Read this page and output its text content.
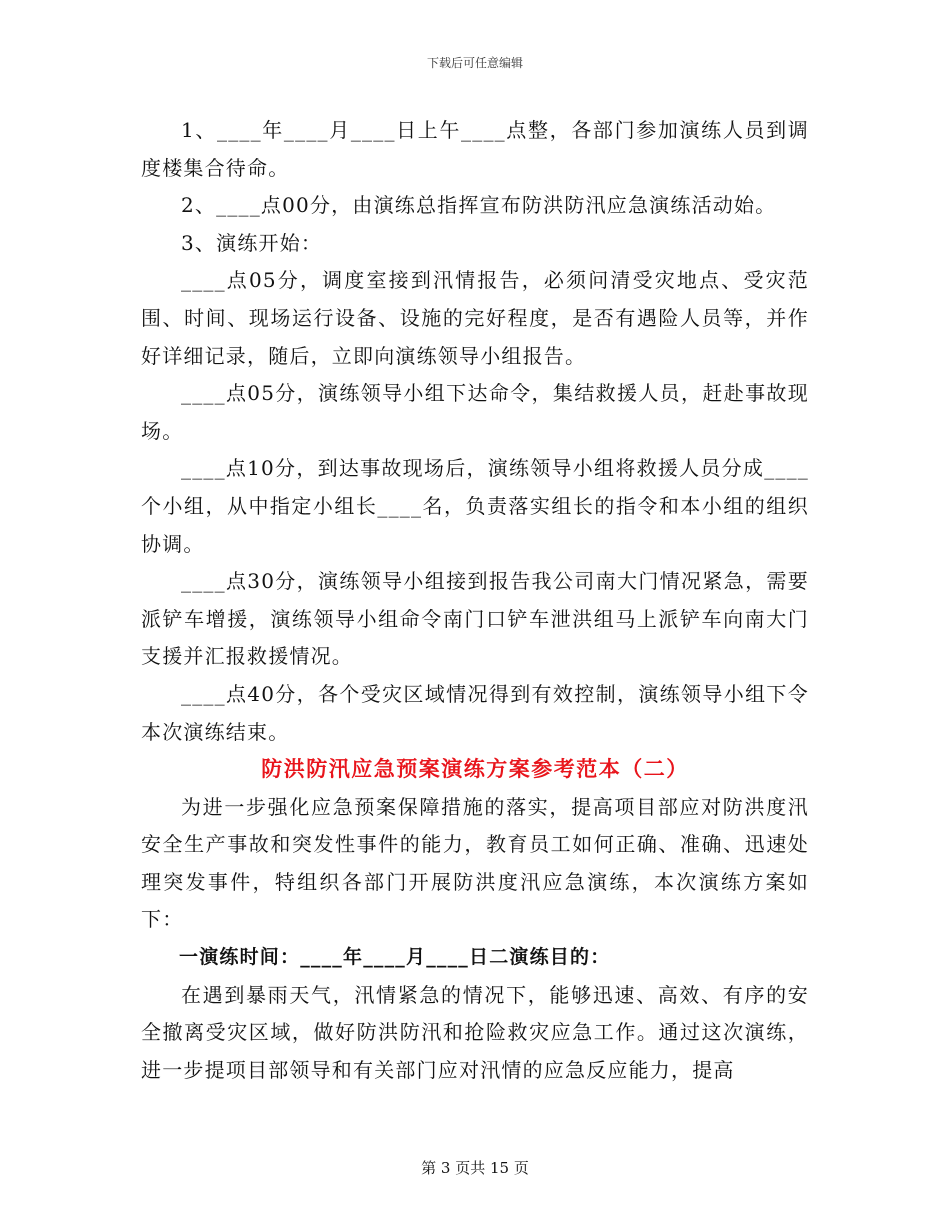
下载后可任意编辑

1、____年____月____日上午____点整，各部门参加演练人员到调度楼集合待命。

2、____点00分，由演练总指挥宣布防洪防汛应急演练活动始。

3、演练开始：

____点05分，调度室接到汛情报告，必须问清受灾地点、受灾范围、时间、现场运行设备、设施的完好程度，是否有遇险人员等，并作好详细记录，随后，立即向演练领导小组报告。

____点05分，演练领导小组下达命令，集结救援人员，赶赴事故现场。

____点10分，到达事故现场后，演练领导小组将救援人员分成____个小组，从中指定小组长____名，负责落实组长的指令和本小组的组织协调。

____点30分，演练领导小组接到报告我公司南大门情况紧急，需要派铲车增援，演练领导小组命令南门口铲车泄洪组马上派铲车向南大门支援并汇报救援情况。

____点40分，各个受灾区域情况得到有效控制，演练领导小组下令本次演练结束。

防洪防汛应急预案演练方案参考范本（二）

为进一步强化应急预案保障措施的落实，提高项目部应对防洪度汛安全生产事故和突发性事件的能力，教育员工如何正确、准确、迅速处理突发事件，特组织各部门开展防洪度汛应急演练，本次演练方案如下：

一演练时间：____年____月____日二演练目的：

在遇到暴雨天气，汛情紧急的情况下，能够迅速、高效、有序的安全撤离受灾区域，做好防洪防汛和抢险救灾应急工作。通过这次演练，进一步提项目部领导和有关部门应对汛情的应急反应能力，提高

第 3 页共 15 页
